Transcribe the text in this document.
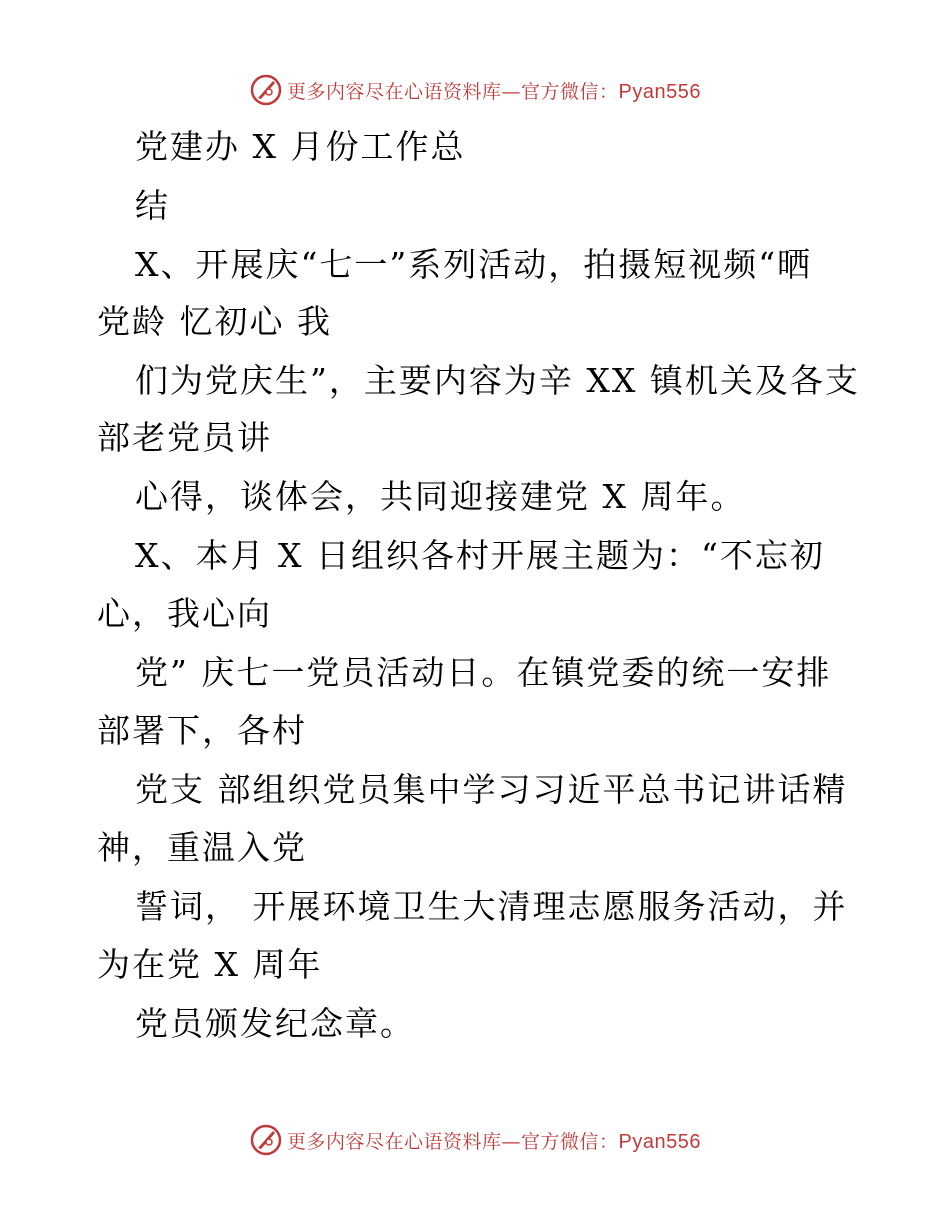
更多内容尽在心语资料库—官方微信：Pyan556
党建办 X 月份工作总
结
X、开展庆“七一”系列活动，拍摄短视频“晒
党龄 忆初心 我
们为党庆生”，主要内容为辛 XX 镇机关及各支
部老党员讲
心得，谈体会，共同迎接建党 X 周年。
X、本月 X 日组织各村开展主题为：“不忘初
心，我心向
党” 庆七一党员活动日。在镇党委的统一安排
部署下，各村
党支 部组织党员集中学习习近平总书记讲话精
神，重温入党
誓词， 开展环境卫生大清理志愿服务活动，并
为在党 X 周年
党员颁发纪念章。
更多内容尽在心语资料库—官方微信：Pyan556
